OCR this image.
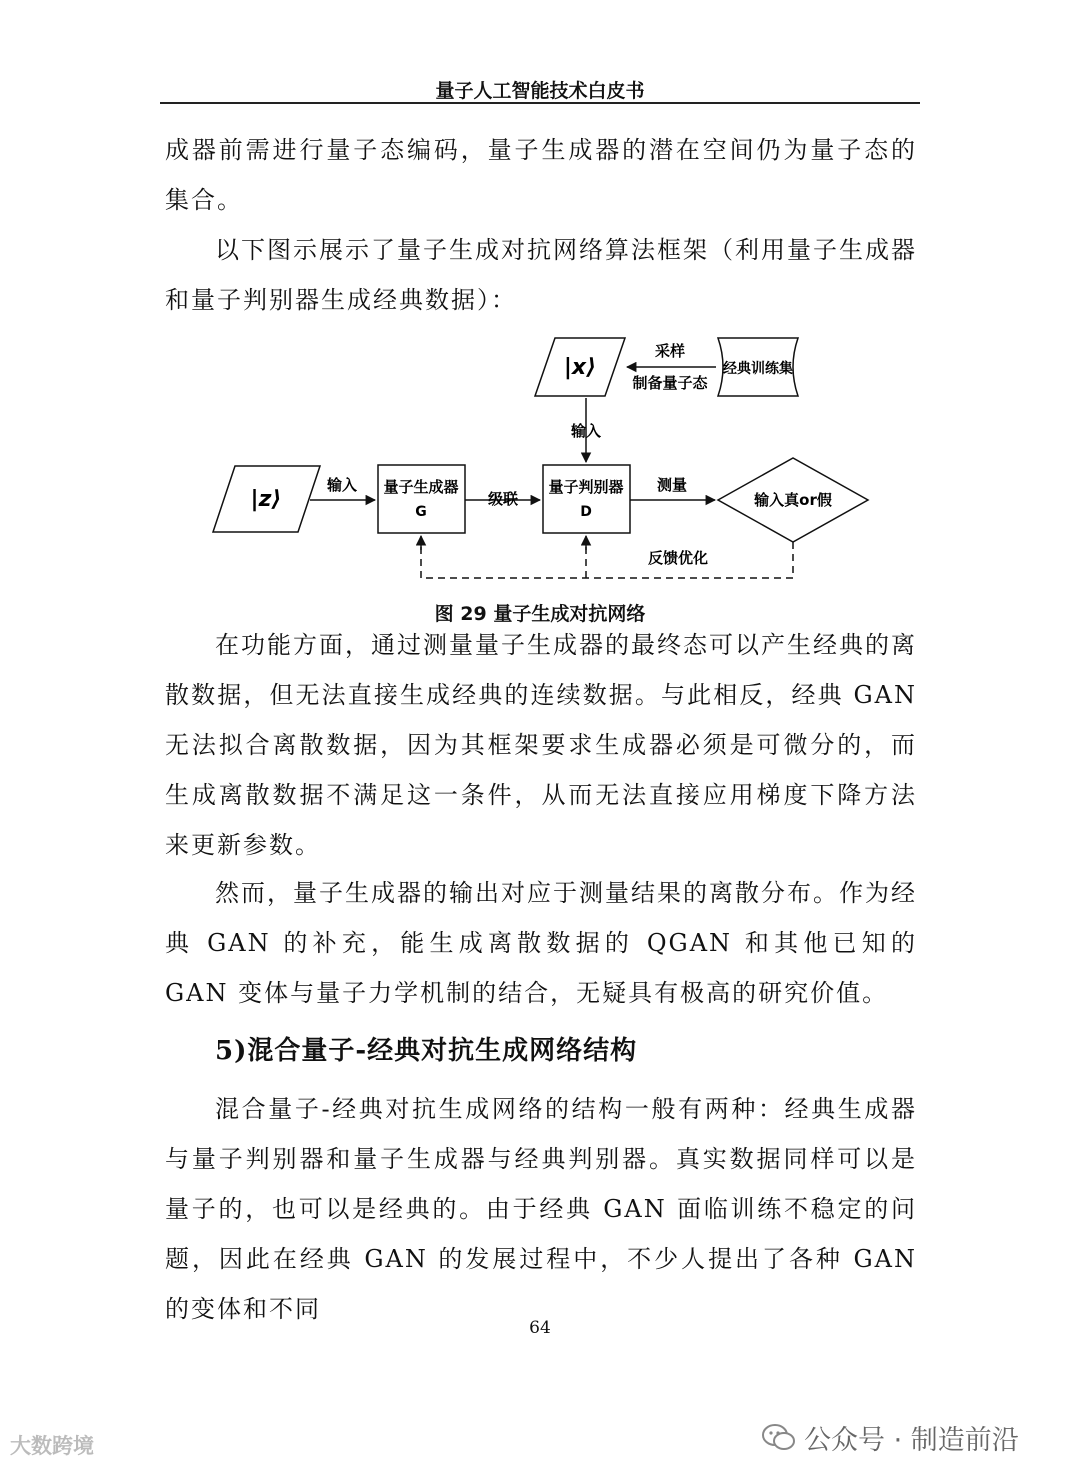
量子人工智能技术白皮书

成器前需进行量子态编码，量子生成器的潜在空间仍为量子态的集合。

以下图示展示了量子生成对抗网络算法框架（利用量子生成器和量子判别器生成经典数据）：

|x⟩	经典训练集
采样
制备量子态
输入
|z⟩
输入 量子生成器
G
级联
量子判别器
D
测量
输入真or假
反馈优化
图 29 量子生成对抗网络

在功能方面，通过测量量子生成器的最终态可以产生经典的离散数据，但无法直接生成经典的连续数据。与此相反，经典 GAN 无法拟合离散数据，因为其框架要求生成器必须是可微分的，而生成离散数据不满足这一条件，从而无法直接应用梯度下降方法来更新参数。

然而，量子生成器的输出对应于测量结果的离散分布。作为经典 GAN 的补充，能生成离散数据的 QGAN 和其他已知的 GAN 变体与量子力学机制的结合，无疑具有极高的研究价值。

5)混合量子-经典对抗生成网络结构

混合量子-经典对抗生成网络的结构一般有两种：经典生成器与量子判别器和量子生成器与经典判别器。真实数据同样可以是量子的，也可以是经典的。由于经典 GAN 面临训练不稳定的问题，因此在经典 GAN 的发展过程中，不少人提出了各种 GAN 的变体和不同

64
公众号 · 制造前沿
大数跨境
